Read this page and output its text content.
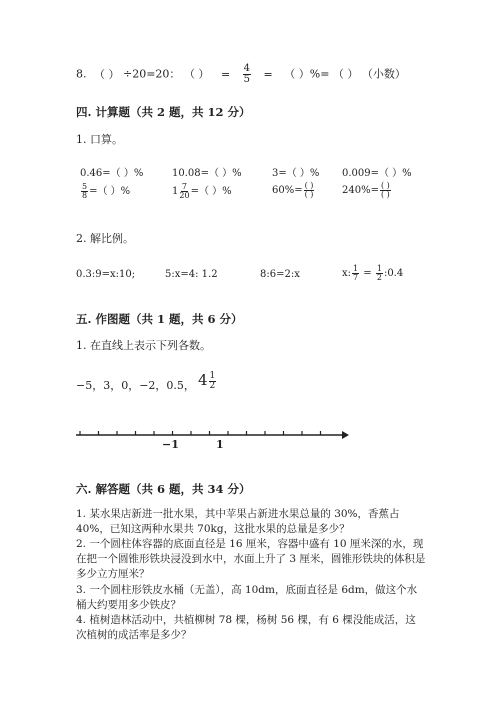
8. （ ） ÷20=20： （ ） = $\frac{4}{5}$ = （ ）%= （ ） （小数）
四. 计算题（共 2 题，共 12 分）
1. 口算。
0.46=（ ）%	10.08=（ ）%	3=（ ）% 0.009=（ ）%
$\frac{5}{8}$ =（ ）%	$1 \frac{7}{20}$ =（ ）%	$60\%= \frac{( )}{( )}$	$240\%= \frac{( )}{( )}$
2. 解比例。
0.3:9=x:10;	5:x=4: 1.2	8:6=2:x	x: $\frac{1}{7} = \frac{1}{2}$ :0.4
五. 作图题（共 1 题，共 6 分）
1. 在直线上表示下列各数。
−5，3，0，−2，0.5， $4 \frac{1}{2}$
−1	1
六. 解答题（共 6 题，共 34 分）
1. 某水果店新进一批水果，其中苹果占新进水果总量的 30%，香蕉占 40%，已知这两种水果共 70kg，这批水果的总量是多少？
2. 一个圆柱体容器的底面直径是 16 厘米，容器中盛有 10 厘米深的水，现在把一个圆锥形铁块浸没到水中，水面上升了 3 厘米，圆锥形铁块的体积是多少立方厘米？
3. 一个圆柱形铁皮水桶（无盖），高 10dm，底面直径是 6dm，做这个水桶大约要用多少铁皮？
4. 植树造林活动中，共植柳树 78 棵，杨树 56 棵，有 6 棵没能成活，这次植树的成活率是多少？
